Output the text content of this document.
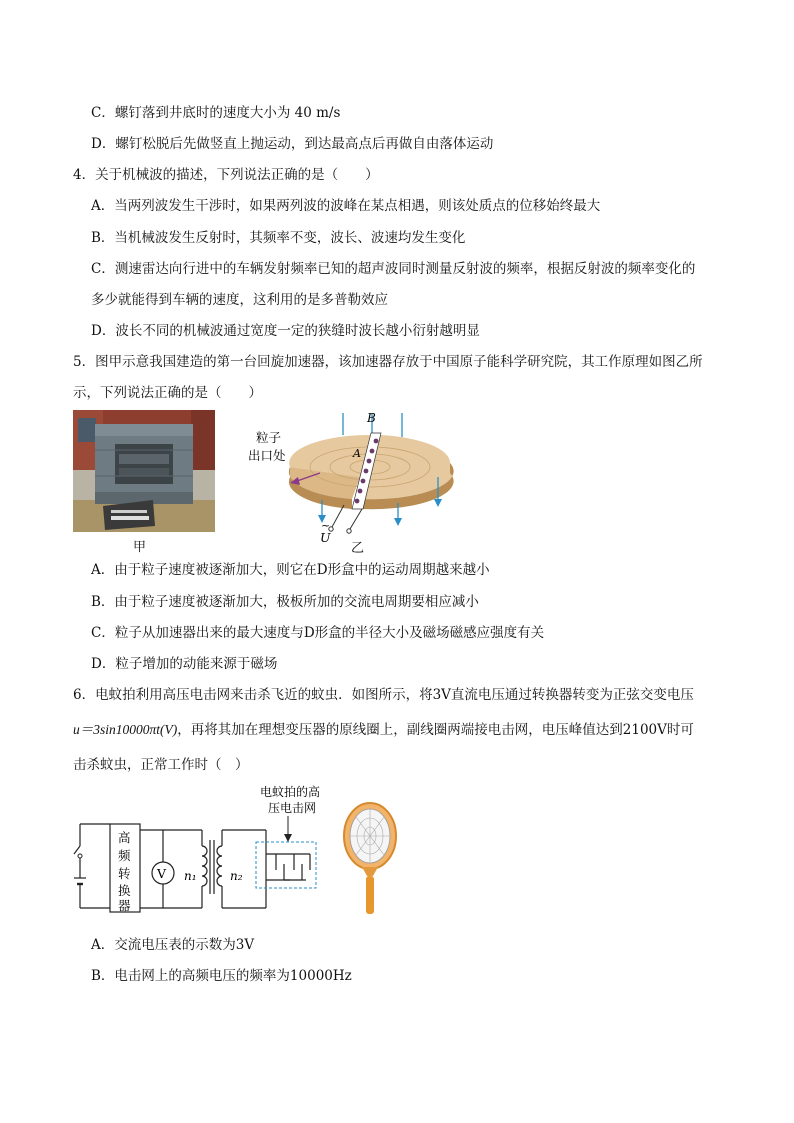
C．螺钉落到井底时的速度大小为 40 m/s
D．螺钉松脱后先做竖直上抛运动，到达最高点后再做自由落体运动
4．关于机械波的描述，下列说法正确的是（　　）
A．当两列波发生干涉时，如果两列波的波峰在某点相遇，则该处质点的位移始终最大
B．当机械波发生反射时，其频率不变，波长、波速均发生变化
C．测速雷达向行进中的车辆发射频率已知的超声波同时测量反射波的频率，根据反射波的频率变化的
多少就能得到车辆的速度，这利用的是多普勒效应
D．波长不同的机械波通过宽度一定的狭缝时波长越小衍射越明显
5．图甲示意我国建造的第一台回旋加速器，该加速器存放于中国原子能科学研究院，其工作原理如图乙所
示，下列说法正确的是（　　）
甲
B
A
粒子
出口处
~
U
乙
A．由于粒子速度被逐渐加大，则它在D形盒中的运动周期越来越小
B．由于粒子速度被逐渐加大，极板所加的交流电周期要相应减小
C．粒子从加速器出来的最大速度与D形盒的半径大小及磁场磁感应强度有关
D．粒子增加的动能来源于磁场
6．电蚊拍利用高压电击网来击杀飞近的蚊虫．如图所示，将3V直流电压通过转换器转变为正弦交变电压
u＝3sin10000πt(V)，再将其加在理想变压器的原线圈上，副线圈两端接电击网，电压峰值达到2100V时可
击杀蚊虫，正常工作时（　）
高
频
转
换
器
V n₁	n₂
电蚊拍的高
压电击网
A．交流电压表的示数为3V
B．电击网上的高频电压的频率为10000Hz
